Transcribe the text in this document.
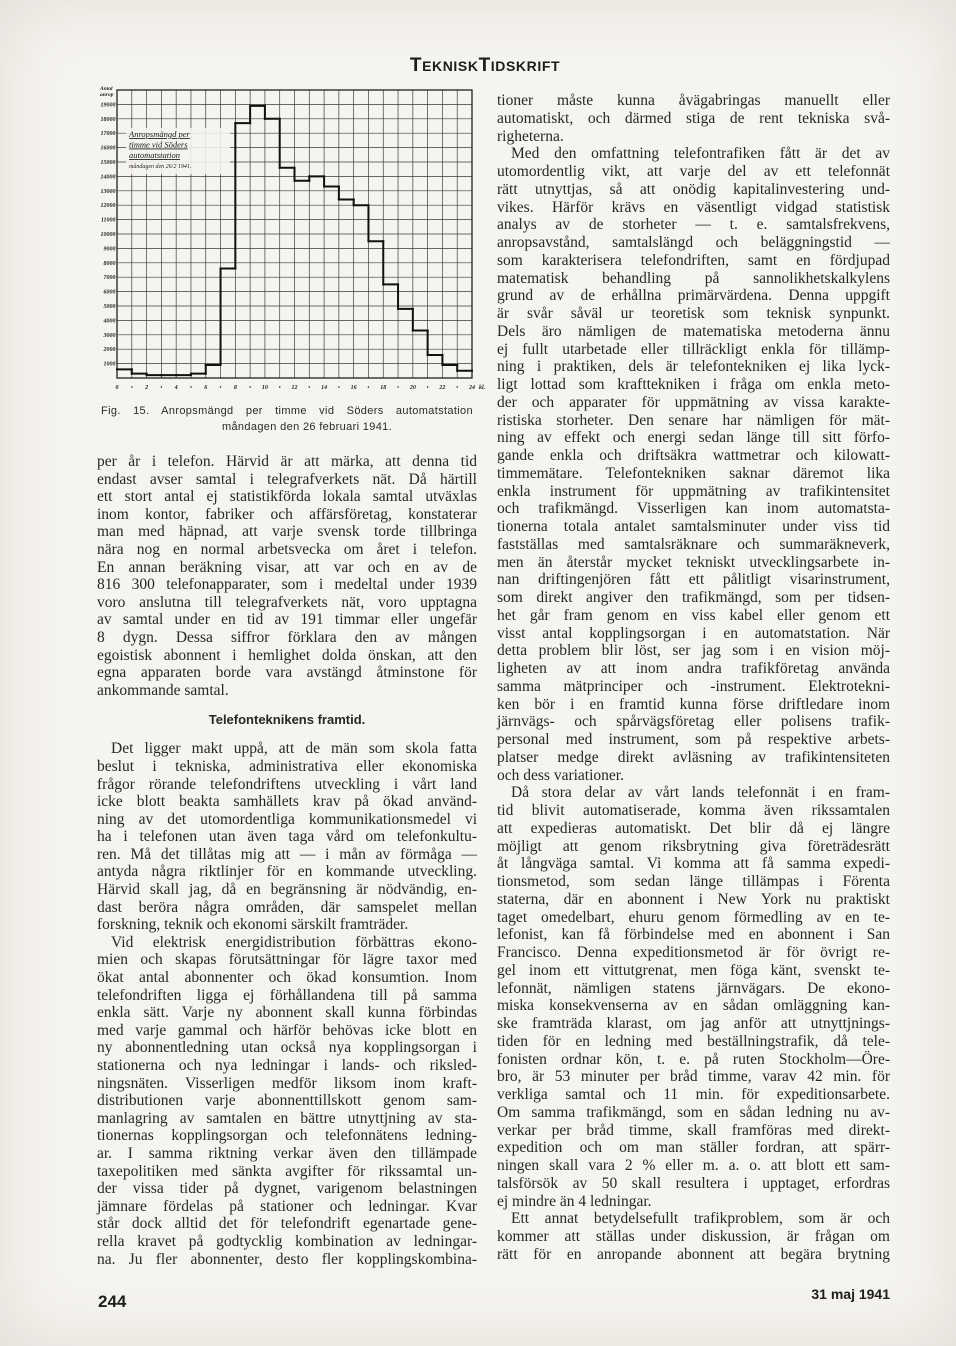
TEKNISKTIDSKRIFT
Antal
anrop
19000
18000
17000
16000
15000
14000
13000
12000
11000
10000
9000
8000
7000
6000
5000
4000
3000
2000
1000
0	2	4	6	8	10	12	14	16	18	20	22	24 kl.
Anropsmängd per
timme vid Söders
automatstation
måndagen den 26/2 1941.
Fig. 15. Anropsmängd per timme vid Söders automatstation
måndagen den 26 februari 1941.
per år i telefon. Härvid är att märka, att denna tid
endast avser samtal i telegrafverkets nät. Då härtill
ett stort antal ej statistikförda lokala samtal utväxlas
inom kontor, fabriker och affärsföretag, konstaterar
man med häpnad, att varje svensk torde tillbringa
nära nog en normal arbetsvecka om året i telefon.
En annan beräkning visar, att var och en av de
816 300 telefonapparater, som i medeltal under 1939
voro anslutna till telegrafverkets nät, voro upptagna
av samtal under en tid av 191 timmar eller ungefär
8 dygn. Dessa siffror förklara den av mången
egoistisk abonnent i hemlighet dolda önskan, att den
egna apparaten borde vara avstängd åtminstone för
ankommande samtal.
Telefonteknikens framtid.
Det ligger makt uppå, att de män som skola fatta
beslut i tekniska, administrativa eller ekonomiska
frågor rörande telefondriftens utveckling i vårt land
icke blott beakta samhällets krav på ökad använd-
ning av det utomordentliga kommunikationsmedel vi
ha i telefonen utan även taga vård om telefonkultu-
ren. Må det tillåtas mig att — i mån av förmåga —
antyda några riktlinjer för en kommande utveckling.
Härvid skall jag, då en begränsning är nödvändig, en-
dast beröra några områden, där samspelet mellan
forskning, teknik och ekonomi särskilt framträder.
Vid elektrisk energidistribution förbättras ekono-
mien och skapas förutsättningar för lägre taxor med
ökat antal abonnenter och ökad konsumtion. Inom
telefondriften ligga ej förhållandena till på samma
enkla sätt. Varje ny abonnent skall kunna förbindas
med varje gammal och härför behövas icke blott en
ny abonnentledning utan också nya kopplingsorgan i
stationerna och nya ledningar i lands- och riksled-
ningsnäten. Visserligen medför liksom inom kraft-
distributionen varje abonnenttillskott genom sam-
manlagring av samtalen en bättre utnyttjning av sta-
tionernas kopplingsorgan och telefonnätens ledning-
ar. I samma riktning verkar även den tillämpade
taxepolitiken med sänkta avgifter för rikssamtal un-
der vissa tider på dygnet, varigenom belastningen
jämnare fördelas på stationer och ledningar. Kvar
står dock alltid det för telefondrift egenartade gene-
rella kravet på godtycklig kombination av ledningar-
na. Ju fler abonnenter, desto fler kopplingskombina-
tioner måste kunna åvägabringas manuellt eller
automatiskt, och därmed stiga de rent tekniska svå-
righeterna.
Med den omfattning telefontrafiken fått är det av
utomordentlig vikt, att varje del av ett telefonnät
rätt utnyttjas, så att onödig kapitalinvestering und-
vikes. Härför krävs en väsentligt vidgad statistisk
analys av de storheter — t. e. samtalsfrekvens,
anropsavstånd, samtalslängd och beläggningstid —
som karakterisera telefondriften, samt en fördjupad
matematisk behandling på sannolikhetskalkylens
grund av de erhållna primärvärdena. Denna uppgift
är svår såväl ur teoretisk som teknisk synpunkt.
Dels äro nämligen de matematiska metoderna ännu
ej fullt utarbetade eller tillräckligt enkla för tillämp-
ning i praktiken, dels är telefontekniken ej lika lyck-
ligt lottad som krafttekniken i fråga om enkla meto-
der och apparater för uppmätning av vissa karakte-
ristiska storheter. Den senare har nämligen för mät-
ning av effekt och energi sedan länge till sitt förfo-
gande enkla och driftsäkra wattmetrar och kilowatt-
timmemätare. Telefontekniken saknar däremot lika
enkla instrument för uppmätning av trafikintensitet
och trafikmängd. Visserligen kan inom automatsta-
tionerna totala antalet samtalsminuter under viss tid
fastställas med samtalsräknare och summaräkneverk,
men än återstår mycket tekniskt utvecklingsarbete in-
nan driftingenjören fått ett pålitligt visarinstrument,
som direkt angiver den trafikmängd, som per tidsen-
het går fram genom en viss kabel eller genom ett
visst antal kopplingsorgan i en automatstation. När
detta problem blir löst, ser jag som i en vision möj-
ligheten av att inom andra trafikföretag använda
samma mätprinciper och -instrument. Elektrotekni-
ken bör i en framtid kunna förse driftledare inom
järnvägs- och spårvägsföretag eller polisens trafik-
personal med instrument, som på respektive arbets-
platser medge direkt avläsning av trafikintensiteten
och dess variationer.
Då stora delar av vårt lands telefonnät i en fram-
tid blivit automatiserade, komma även rikssamtalen
att expedieras automatiskt. Det blir då ej längre
möjligt att genom riksbrytning giva företrädesrätt
åt långväga samtal. Vi komma att få samma expedi-
tionsmetod, som sedan länge tillämpas i Förenta
staterna, där en abonnent i New York nu praktiskt
taget omedelbart, ehuru genom förmedling av en te-
lefonist, kan få förbindelse med en abonnent i San
Francisco. Denna expeditionsmetod är för övrigt re-
gel inom ett vittutgrenat, men föga känt, svenskt te-
lefonnät, nämligen statens järnvägars. De ekono-
miska konsekvenserna av en sådan omläggning kan-
ske framträda klarast, om jag anför att utnyttjnings-
tiden för en ledning med beställningstrafik, då tele-
fonisten ordnar kön, t. e. på ruten Stockholm—Öre-
bro, är 53 minuter per bråd timme, varav 42 min. för
verkliga samtal och 11 min. för expeditionsarbete.
Om samma trafikmängd, som en sådan ledning nu av-
verkar per bråd timme, skall framföras med direkt-
expedition och om man ställer fordran, att spärr-
ningen skall vara 2 % eller m. a. o. att blott ett sam-
talsförsök av 50 skall resultera i upptaget, erfordras
ej mindre än 4 ledningar.
Ett annat betydelsefullt trafikproblem, som är och
kommer att ställas under diskussion, är frågan om
rätt för en anropande abonnent att begära brytning
244	31 maj 1941
